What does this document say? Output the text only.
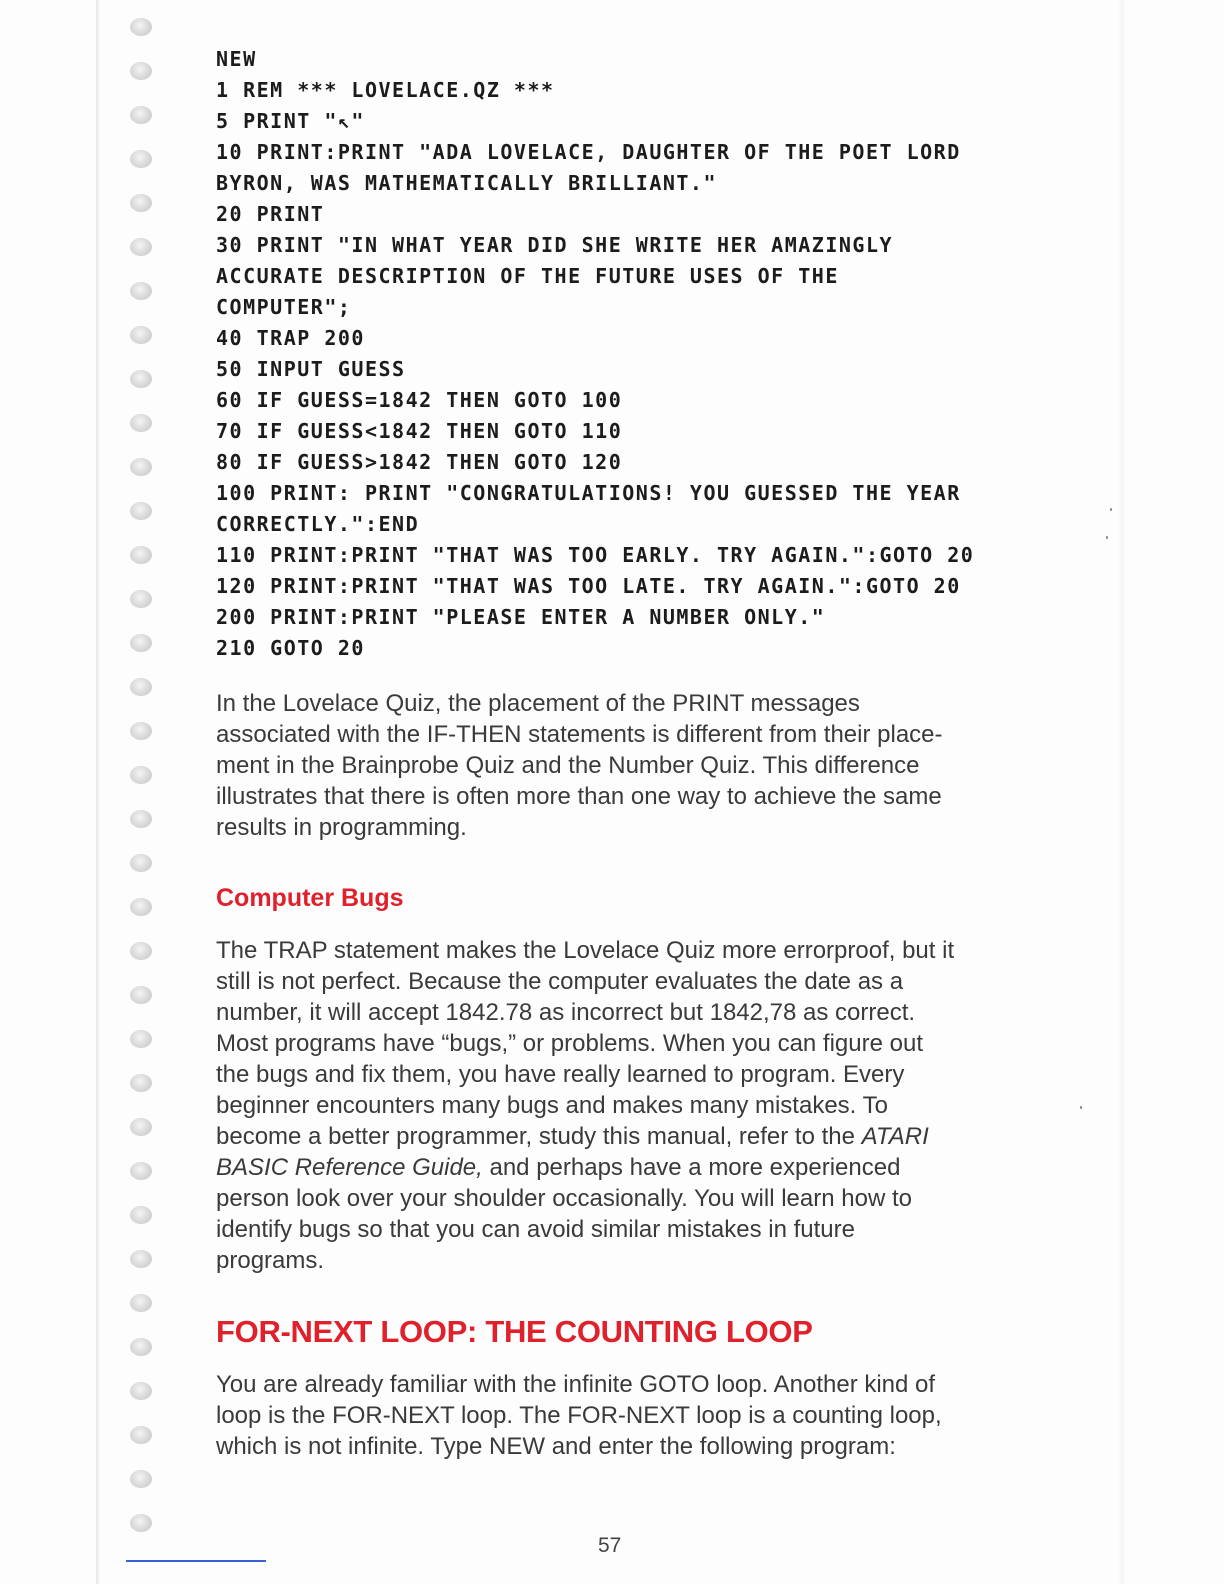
NEW
1 REM *** LOVELACE.QZ ***
5 PRINT "↖"
10 PRINT:PRINT "ADA LOVELACE, DAUGHTER OF THE POET LORD
BYRON, WAS MATHEMATICALLY BRILLIANT."
20 PRINT
30 PRINT "IN WHAT YEAR DID SHE WRITE HER AMAZINGLY
ACCURATE DESCRIPTION OF THE FUTURE USES OF THE
COMPUTER";
40 TRAP 200
50 INPUT GUESS
60 IF GUESS=1842 THEN GOTO 100
70 IF GUESS<1842 THEN GOTO 110
80 IF GUESS>1842 THEN GOTO 120
100 PRINT: PRINT "CONGRATULATIONS! YOU GUESSED THE YEAR
CORRECTLY.":END
110 PRINT:PRINT "THAT WAS TOO EARLY. TRY AGAIN.":GOTO 20
120 PRINT:PRINT "THAT WAS TOO LATE. TRY AGAIN.":GOTO 20
200 PRINT:PRINT "PLEASE ENTER A NUMBER ONLY."
210 GOTO 20
In the Lovelace Quiz, the placement of the PRINT messages
associated with the IF-THEN statements is different from their place-
ment in the Brainprobe Quiz and the Number Quiz. This difference
illustrates that there is often more than one way to achieve the same
results in programming.
Computer Bugs
The TRAP statement makes the Lovelace Quiz more errorproof, but it
still is not perfect. Because the computer evaluates the date as a
number, it will accept 1842.78 as incorrect but 1842,78 as correct.
Most programs have “bugs,” or problems. When you can figure out
the bugs and fix them, you have really learned to program. Every
beginner encounters many bugs and makes many mistakes. To
become a better programmer, study this manual, refer to the ATARI
BASIC Reference Guide, and perhaps have a more experienced
person look over your shoulder occasionally. You will learn how to
identify bugs so that you can avoid similar mistakes in future
programs.
FOR-NEXT LOOP: THE COUNTING LOOP
You are already familiar with the infinite GOTO loop. Another kind of
loop is the FOR-NEXT loop. The FOR-NEXT loop is a counting loop,
which is not infinite. Type NEW and enter the following program:
57
